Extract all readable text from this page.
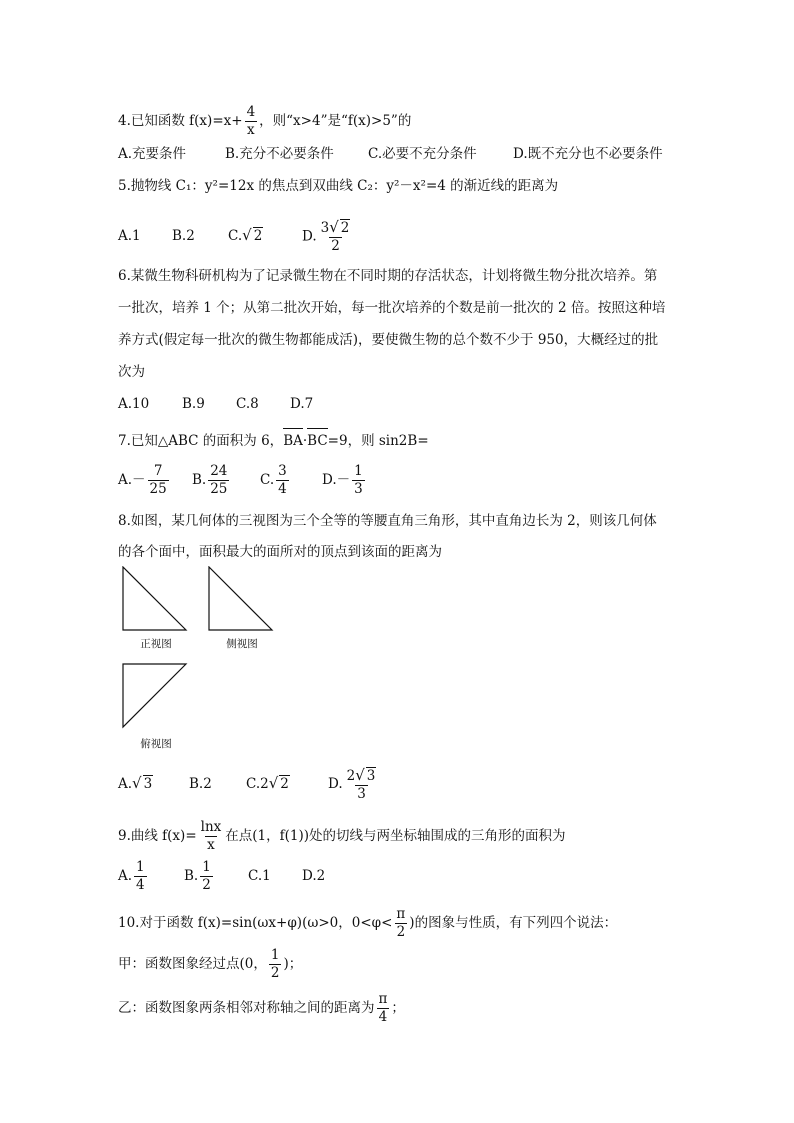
4.已知函数 $f(x)=x+ \frac{4}{x}$ ，则“x>4”是“f(x)>5”的
A.充要条件	B.充分不必要条件	C.必要不充分条件	D.既不充分也不必要条件
5.抛物线 C₁：y²=12x 的焦点到双曲线 C₂：y²－x²=4 的渐近线的距离为
A.1 B.2 C.√ 2	D. $\frac{3√ 2}{2}$
6.某微生物科研机构为了记录微生物在不同时期的存活状态，计划将微生物分批次培养。第
一批次，培养 1 个；从第二批次开始，每一批次培养的个数是前一批次的 2 倍。按照这种培
养方式(假定每一批次的微生物都能成活)，要使微生物的总个数不少于 950，大概经过的批
次为
A.10 B.9 C.8 D.7
7.已知△ABC 的面积为 6，BA·BC=9，则 sin2B=
$A.- \frac{7}{25} B$. $\frac{24}{25} C$. $\frac{3}{4} D.- \frac{1}{3}$
8.如图，某几何体的三视图为三个全等的等腰直角三角形，其中直角边长为 2，则该几何体
的各个面中，面积最大的面所对的顶点到该面的距离为
正视图	侧视图
俯视图
A.√ 3	B.2	C.2√ 2	D. $\frac{2√ 3}{3}$
9.曲线 $f(x)= \frac{\ln x}{x}$ 在点(1，f(1))处的切线与两坐标轴围成的三角形的面积为
A. $\frac{1}{4}$	B. $\frac{1}{2}$	C.1 D.2
10.对于函数 f(x)=sin(ωx+φ)(ω>0，$0<\varphi< \frac{\pi}{2}$ )的图象与性质，有下列四个说法：
甲：函数图象经过点(0， $\frac{1}{2}$ )；
乙：函数图象两条相邻对称轴之间的距离为 $\frac{\pi}{4}$ ；
